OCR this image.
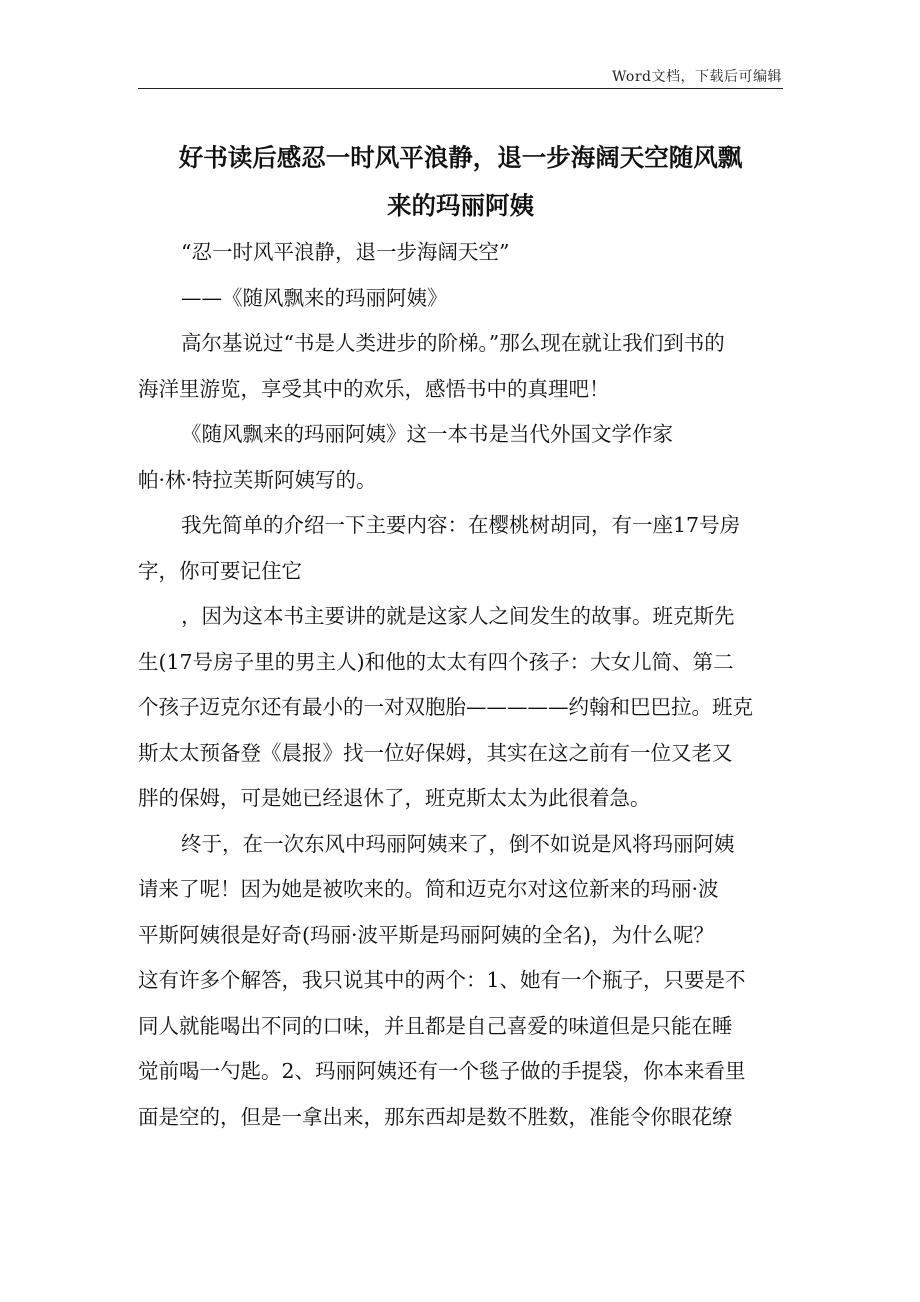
Word文档，下载后可编辑
好书读后感忍一时风平浪静，退一步海阔天空随风飘
来的玛丽阿姨

“忍一时风平浪静，退一步海阔天空”

——《随风飘来的玛丽阿姨》

高尔基说过“书是人类进步的阶梯。”那么现在就让我们到书的
海洋里游览，享受其中的欢乐，感悟书中的真理吧！

《随风飘来的玛丽阿姨》这一本书是当代外国文学作家
帕·林·特拉芙斯阿姨写的。

我先简单的介绍一下主要内容：在樱桃树胡同，有一座17号房
字，你可要记住它

，因为这本书主要讲的就是这家人之间发生的故事。班克斯先
生(17号房子里的男主人)和他的太太有四个孩子：大女儿简、第二
个孩子迈克尔还有最小的一对双胞胎—————约翰和巴巴拉。班克
斯太太预备登《晨报》找一位好保姆，其实在这之前有一位又老又
胖的保姆，可是她已经退休了，班克斯太太为此很着急。

终于，在一次东风中玛丽阿姨来了，倒不如说是风将玛丽阿姨
请来了呢！因为她是被吹来的。简和迈克尔对这位新来的玛丽·波
平斯阿姨很是好奇(玛丽·波平斯是玛丽阿姨的全名)，为什么呢？
这有许多个解答，我只说其中的两个：1、她有一个瓶子，只要是不
同人就能喝出不同的口味，并且都是自己喜爱的味道但是只能在睡
觉前喝一勺匙。2、玛丽阿姨还有一个毯子做的手提袋，你本来看里
面是空的，但是一拿出来，那东西却是数不胜数，准能令你眼花缭
